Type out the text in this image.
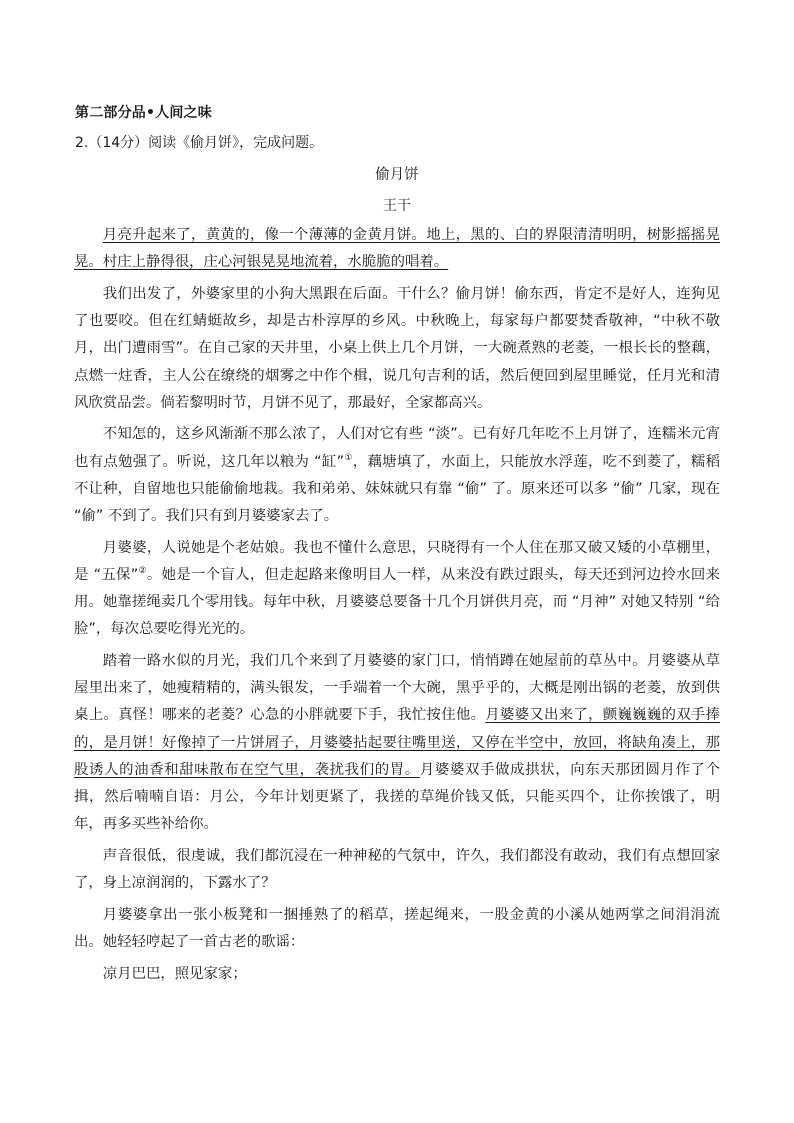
第二部分品•人间之味
2.（14分）阅读《偷月饼》，完成问题。
偷月饼
王干

月亮升起来了，黄黄的，像一个薄薄的金黄月饼。地上，黑的、白的界限清清明明，树影摇摇晃晃。村庄上静得很，庄心河银晃晃地流着，水脆脆的唱着。

我们出发了，外婆家里的小狗大黑跟在后面。干什么？偷月饼！偷东西，肯定不是好人，连狗见了也要咬。但在红蜻蜓故乡，却是古朴淳厚的乡风。中秋晚上，每家每户都要焚香敬神，“中秋不敬月，出门遭雨雪”。在自己家的天井里，小桌上供上几个月饼，一大碗煮熟的老菱，一根长长的整藕，点燃一炷香，主人公在缭绕的烟雾之中作个楫，说几句吉利的话，然后便回到屋里睡觉，任月光和清风欣赏品尝。倘若黎明时节，月饼不见了，那最好，全家都高兴。

不知怎的，这乡风渐渐不那么浓了，人们对它有些 “淡”。已有好几年吃不上月饼了，连糯米元宵也有点勉强了。听说，这几年以粮为 “缸”①，藕塘填了，水面上，只能放水浮莲，吃不到菱了，糯稻不让种，自留地也只能偷偷地栽。我和弟弟、妹妹就只有靠 “偷” 了。原来还可以多 “偷” 几家，现在 “偷” 不到了。我们只有到月婆婆家去了。

月婆婆，人说她是个老姑娘。我也不懂什么意思，只晓得有一个人住在那又破又矮的小草棚里，是 “五保”②。她是一个盲人，但走起路来像明目人一样，从来没有跌过跟头，每天还到河边拎水回来用。她靠搓绳卖几个零用钱。每年中秋，月婆婆总要备十几个月饼供月亮，而 “月神” 对她又特别 “给脸”，每次总要吃得光光的。

踏着一路水似的月光，我们几个来到了月婆婆的家门口，悄悄蹲在她屋前的草丛中。月婆婆从草屋里出来了，她瘦精精的，满头银发，一手端着一个大碗，黑乎乎的，大概是刚出锅的老菱，放到供桌上。真怪！哪来的老菱？心急的小胖就要下手，我忙按住他。月婆婆又出来了，颤巍巍巍的双手捧的，是月饼！好像掉了一片饼屑子，月婆婆拈起要往嘴里送，又停在半空中，放回，将缺角凑上，那股诱人的油香和甜味散布在空气里，袭扰我们的胃。月婆婆双手做成拱状，向东天那团圆月作了个揖，然后喃喃自语：月公，今年计划更紧了，我搓的草绳价钱又低，只能买四个，让你挨饿了，明年，再多买些补给你。

声音很低，很虔诚，我们都沉浸在一种神秘的气氛中，许久，我们都没有敢动，我们有点想回家了，身上凉润润的，下露水了？

月婆婆拿出一张小板凳和一捆捶熟了的稻草，搓起绳来，一股金黄的小溪从她两掌之间涓涓流出。她轻轻哼起了一首古老的歌谣：

凉月巴巴，照见家家；
